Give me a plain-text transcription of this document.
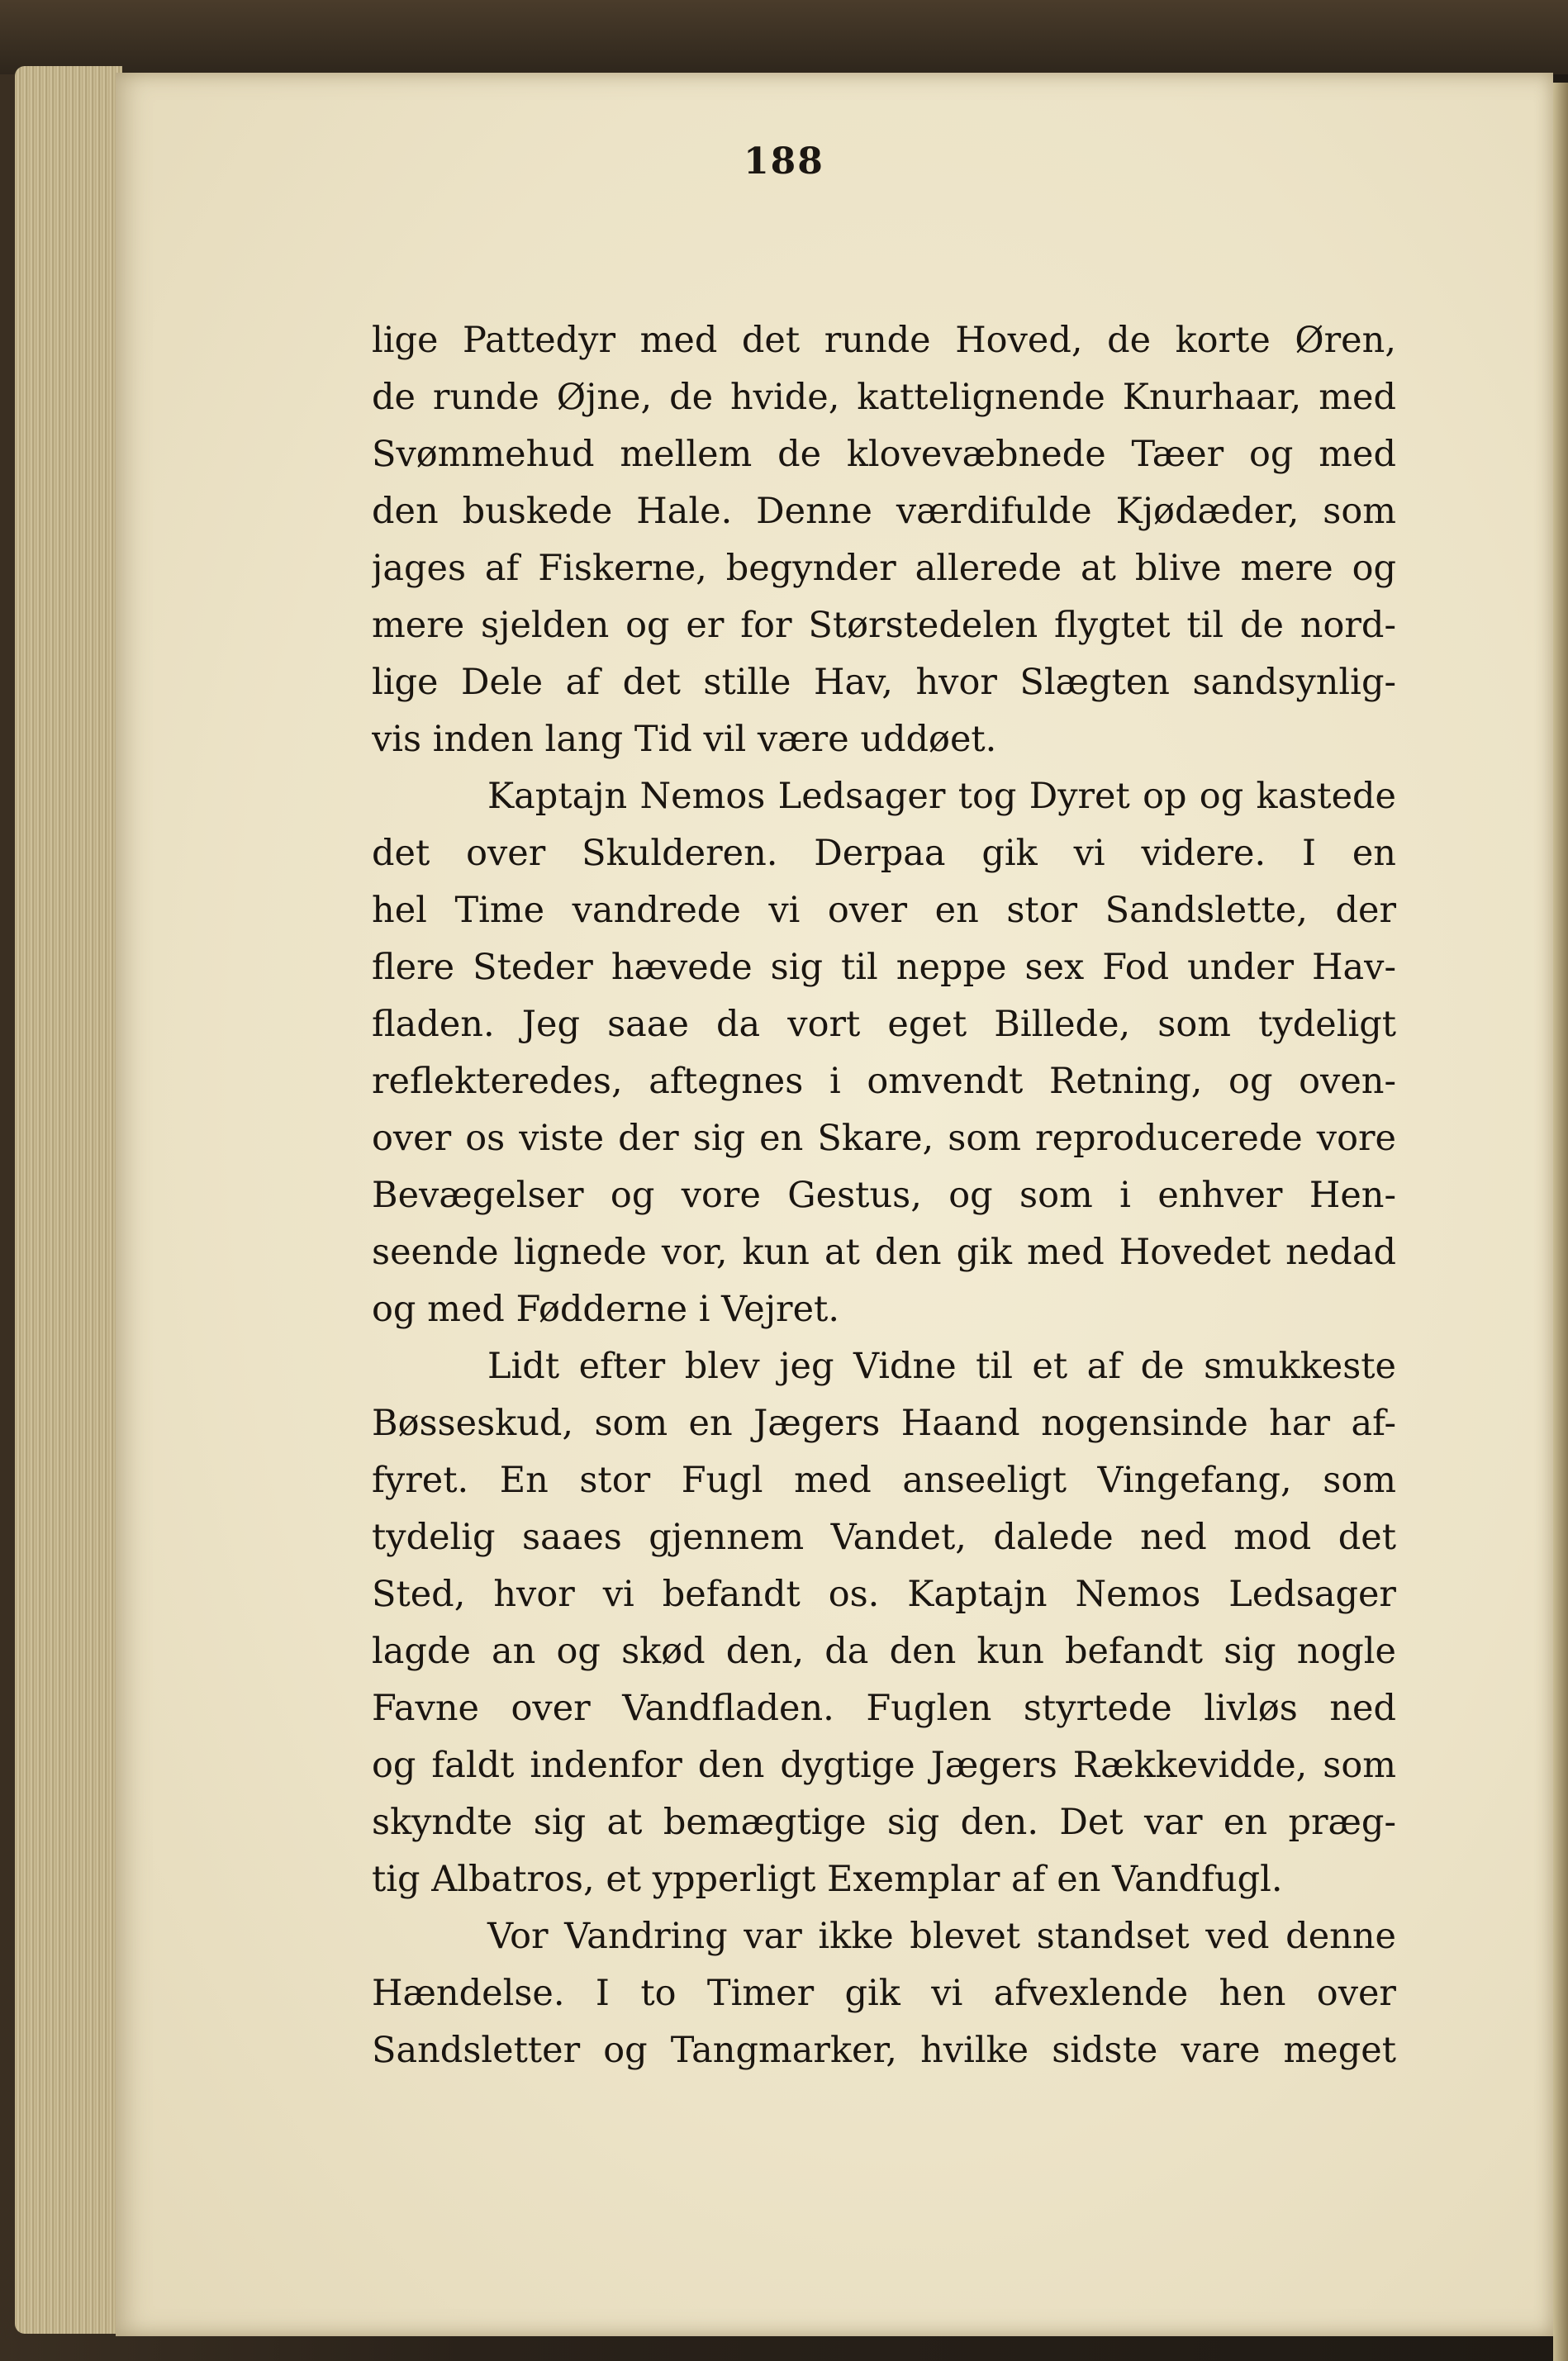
188
lige Pattedyr med det runde Hoved, de korte Øren,
de runde Øjne, de hvide, kattelignende Knurhaar, med
Svømmehud mellem de klovevæbnede Tæer og med
den buskede Hale. Denne værdifulde Kjødæder, som
jages af Fiskerne, begynder allerede at blive mere og
mere sjelden og er for Størstedelen flygtet til de nord-
lige Dele af det stille Hav, hvor Slægten sandsynlig-
vis inden lang Tid vil være uddøet.
Kaptajn Nemos Ledsager tog Dyret op og kastede
det over Skulderen. Derpaa gik vi videre. I en
hel Time vandrede vi over en stor Sandslette, der
flere Steder hævede sig til neppe sex Fod under Hav-
fladen. Jeg saae da vort eget Billede, som tydeligt
reflekteredes, aftegnes i omvendt Retning, og oven-
over os viste der sig en Skare, som reproducerede vore
Bevægelser og vore Gestus, og som i enhver Hen-
seende lignede vor, kun at den gik med Hovedet nedad
og med Fødderne i Vejret.
Lidt efter blev jeg Vidne til et af de smukkeste
Bøsseskud, som en Jægers Haand nogensinde har af-
fyret. En stor Fugl med anseeligt Vingefang, som
tydelig saaes gjennem Vandet, dalede ned mod det
Sted, hvor vi befandt os. Kaptajn Nemos Ledsager
lagde an og skød den, da den kun befandt sig nogle
Favne over Vandfladen. Fuglen styrtede livløs ned
og faldt indenfor den dygtige Jægers Rækkevidde, som
skyndte sig at bemægtige sig den. Det var en præg-
tig Albatros, et ypperligt Exemplar af en Vandfugl.
Vor Vandring var ikke blevet standset ved denne
Hændelse. I to Timer gik vi afvexlende hen over
Sandsletter og Tangmarker, hvilke sidste vare meget
